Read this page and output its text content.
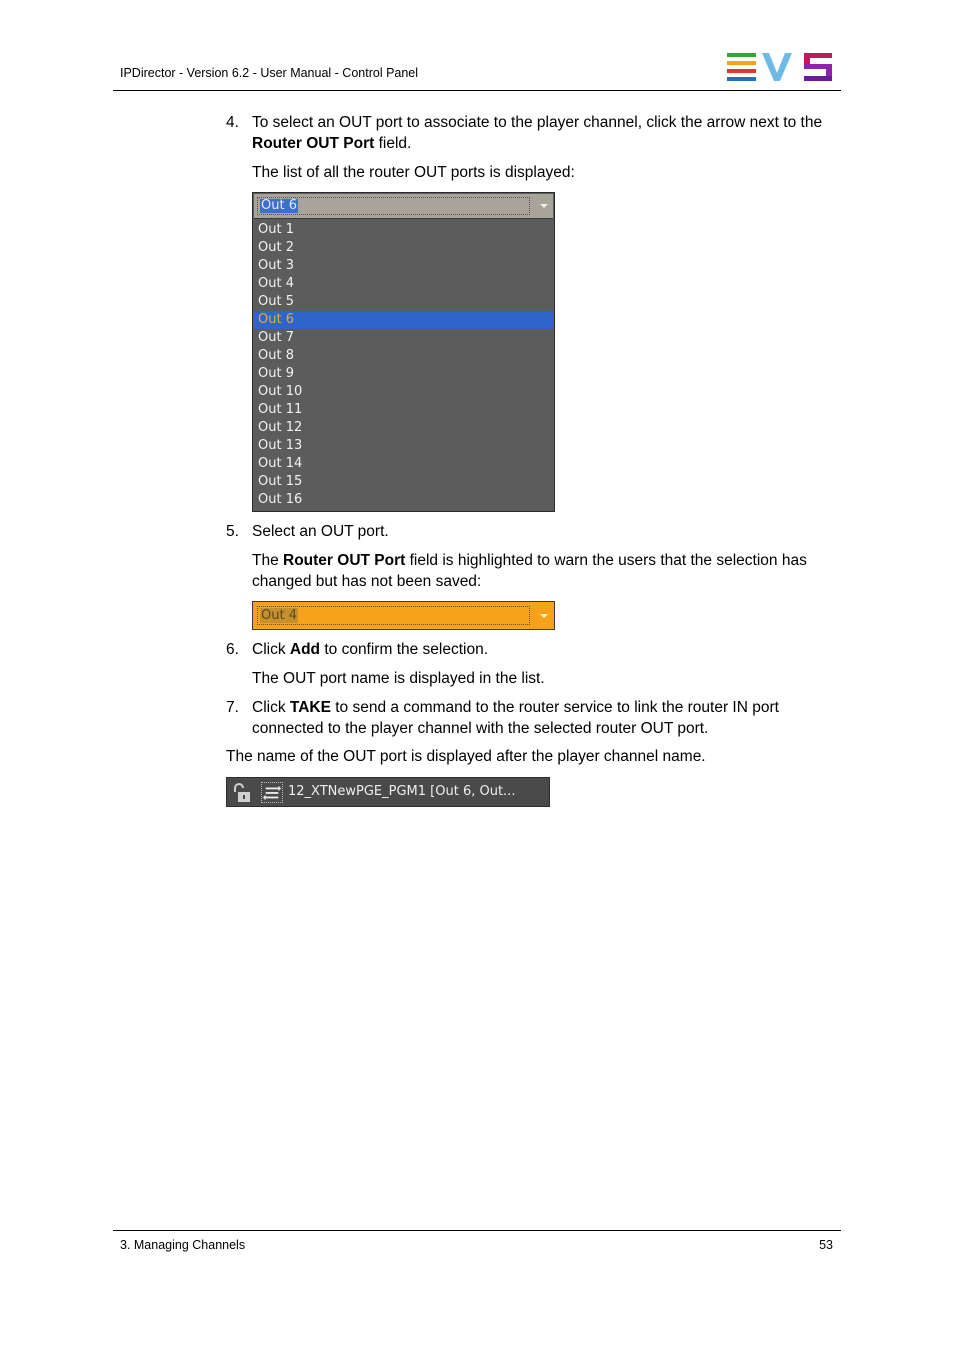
IPDirector - Version 6.2 - User Manual - Control Panel
4. To select an OUT port to associate to the player channel, click the arrow next to the
Router OUT Port field.
The list of all the router OUT ports is displayed:
Out 6
Out 1
Out 2
Out 3
Out 4
Out 5
Out 6
Out 7
Out 8
Out 9
Out 10
Out 11
Out 12
Out 13
Out 14
Out 15
Out 16
5. Select an OUT port.
The Router OUT Port field is highlighted to warn the users that the selection has changed but has not been saved:
Out 4
6. Click Add to confirm the selection.
The OUT port name is displayed in the list.
7. Click TAKE to send a command to the router service to link the router IN port connected to the player channel with the selected router OUT port.
The name of the OUT port is displayed after the player channel name.
12_XTNewPGE_PGM1 [Out 6, Out...
3. Managing Channels	53
